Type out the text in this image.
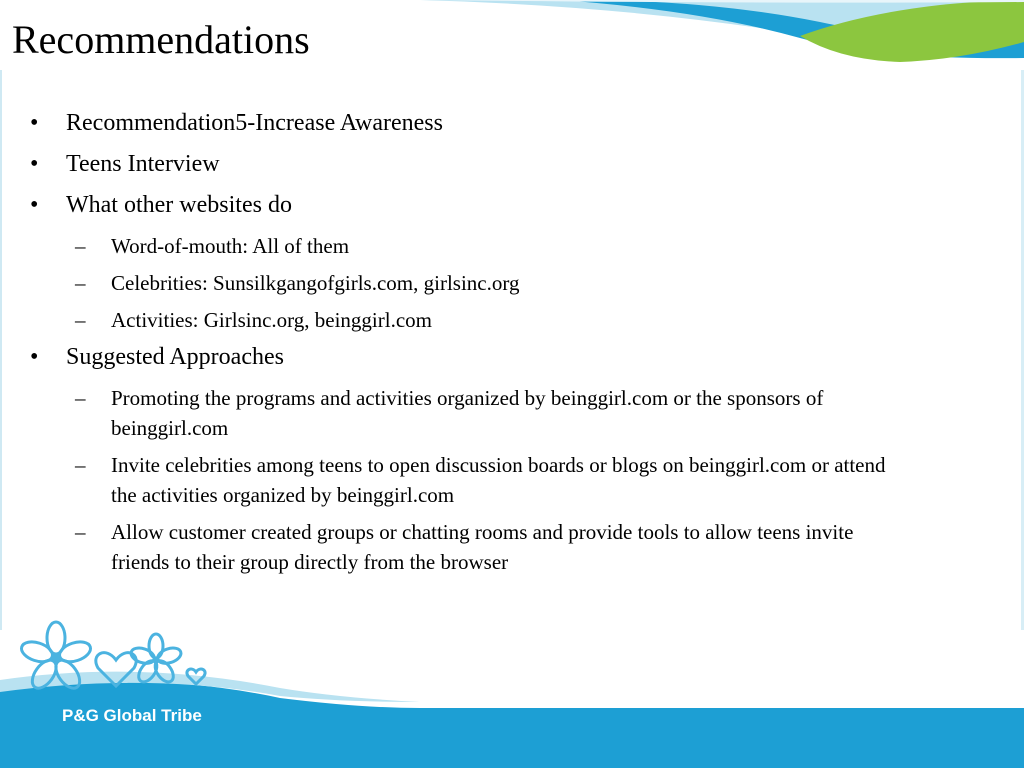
Recommendations
•	Recommendation5-Increase Awareness
•	Teens Interview
•	What other websites do
–	Word-of-mouth: All of them
–	Celebrities: Sunsilkgangofgirls.com, girlsinc.org
–	Activities: Girlsinc.org, beinggirl.com
•	Suggested Approaches
–	Promoting the programs and activities organized by beinggirl.com or the sponsors of beinggirl.com
–	Invite celebrities among teens to open discussion boards or blogs on beinggirl.com or attend the activities organized by beinggirl.com
–	Allow customer created groups or chatting rooms and provide tools to allow teens invite friends to their group directly from the browser
P&G Global Tribe
